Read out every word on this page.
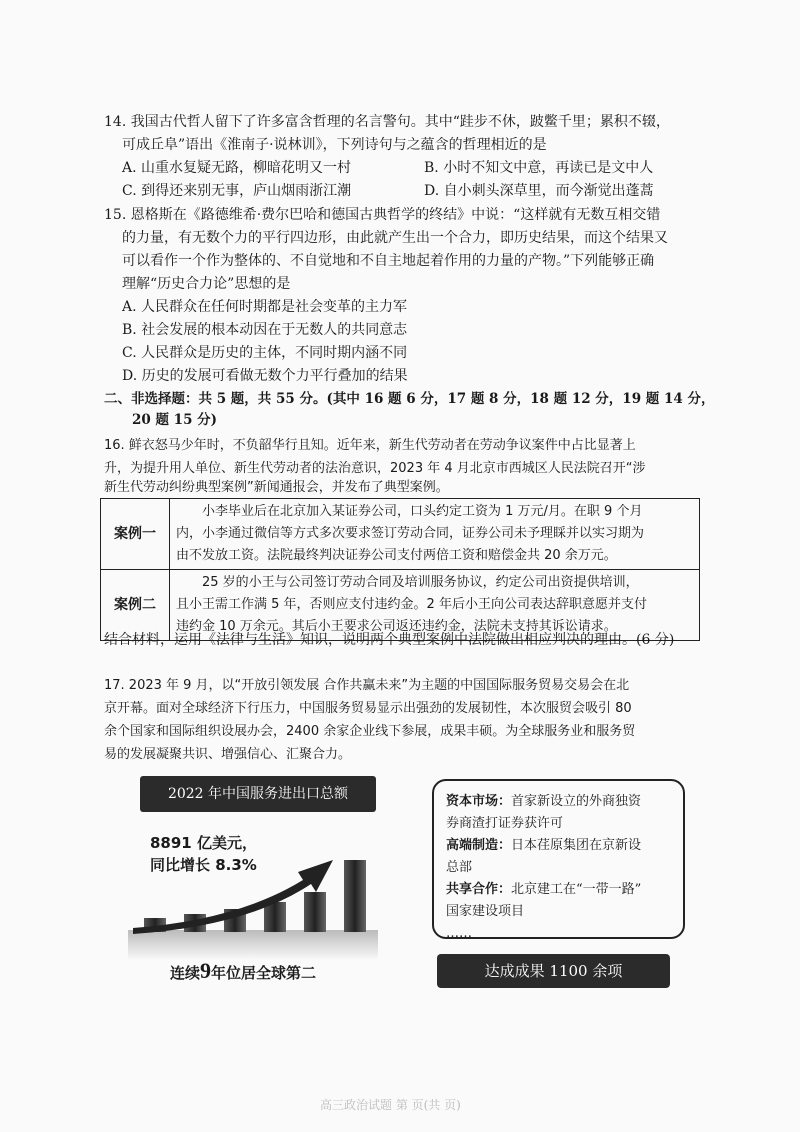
14. 我国古代哲人留下了许多富含哲理的名言警句。其中“跬步不休，跛鳖千里；累积不辍，
可成丘阜”语出《淮南子·说林训》，下列诗句与之蕴含的哲理相近的是
A. 山重水复疑无路，柳暗花明又一村	B. 小时不知文中意，再读已是文中人
C. 到得还来别无事，庐山烟雨浙江潮	D. 自小刺头深草里，而今渐觉出蓬蒿
15. 恩格斯在《路德维希·费尔巴哈和德国古典哲学的终结》中说：“这样就有无数互相交错
的力量，有无数个力的平行四边形，由此就产生出一个合力，即历史结果，而这个结果又
可以看作一个作为整体的、不自觉地和不自主地起着作用的力量的产物。”下列能够正确
理解“历史合力论”思想的是
A. 人民群众在任何时期都是社会变革的主力军
B. 社会发展的根本动因在于无数人的共同意志
C. 人民群众是历史的主体，不同时期内涵不同
D. 历史的发展可看做无数个力平行叠加的结果
二、非选择题：共 5 题，共 55 分。(其中 16 题 6 分，17 题 8 分，18 题 12 分，19 题 14 分，
20 题 15 分)
16. 鲜衣怒马少年时，不负韶华行且知。近年来，新生代劳动者在劳动争议案件中占比显著上
升，为提升用人单位、新生代劳动者的法治意识，2023 年 4 月北京市西城区人民法院召开“涉
新生代劳动纠纷典型案例”新闻通报会，并发布了典型案例。
案例一	小李毕业后在北京加入某证券公司，口头约定工资为 1 万元/月。在职 9 个月
内，小李通过微信等方式多次要求签订劳动合同，证券公司未予理睬并以实习期为
由不发放工资。法院最终判决证券公司支付两倍工资和赔偿金共 20 余万元。

案例二	25 岁的小王与公司签订劳动合同及培训服务协议，约定公司出资提供培训，
且小王需工作满 5 年，否则应支付违约金。2 年后小王向公司表达辞职意愿并支付
违约金 10 万余元。其后小王要求公司返还违约金，法院未支持其诉讼请求。
结合材料，运用《法律与生活》知识，说明两个典型案例中法院做出相应判决的理由。(6 分)
17. 2023 年 9 月，以“开放引领发展 合作共赢未来”为主题的中国国际服务贸易交易会在北
京开幕。面对全球经济下行压力，中国服务贸易显示出强劲的发展韧性，本次服贸会吸引 80
余个国家和国际组织设展办会，2400 余家企业线下参展，成果丰硕。为全球服务业和服务贸
易的发展凝聚共识、增强信心、汇聚合力。
2022 年中国服务进出口总额
8891 亿美元，
同比增长 8.3%
连续9年位居全球第二
资本市场：首家新设立的外商独资
券商渣打证券获许可
高端制造：日本荏原集团在京新设
总部
共享合作：北京建工在“一带一路”
国家建设项目
……
达成成果 1100 余项
高三政治试题 第 页(共 页)
